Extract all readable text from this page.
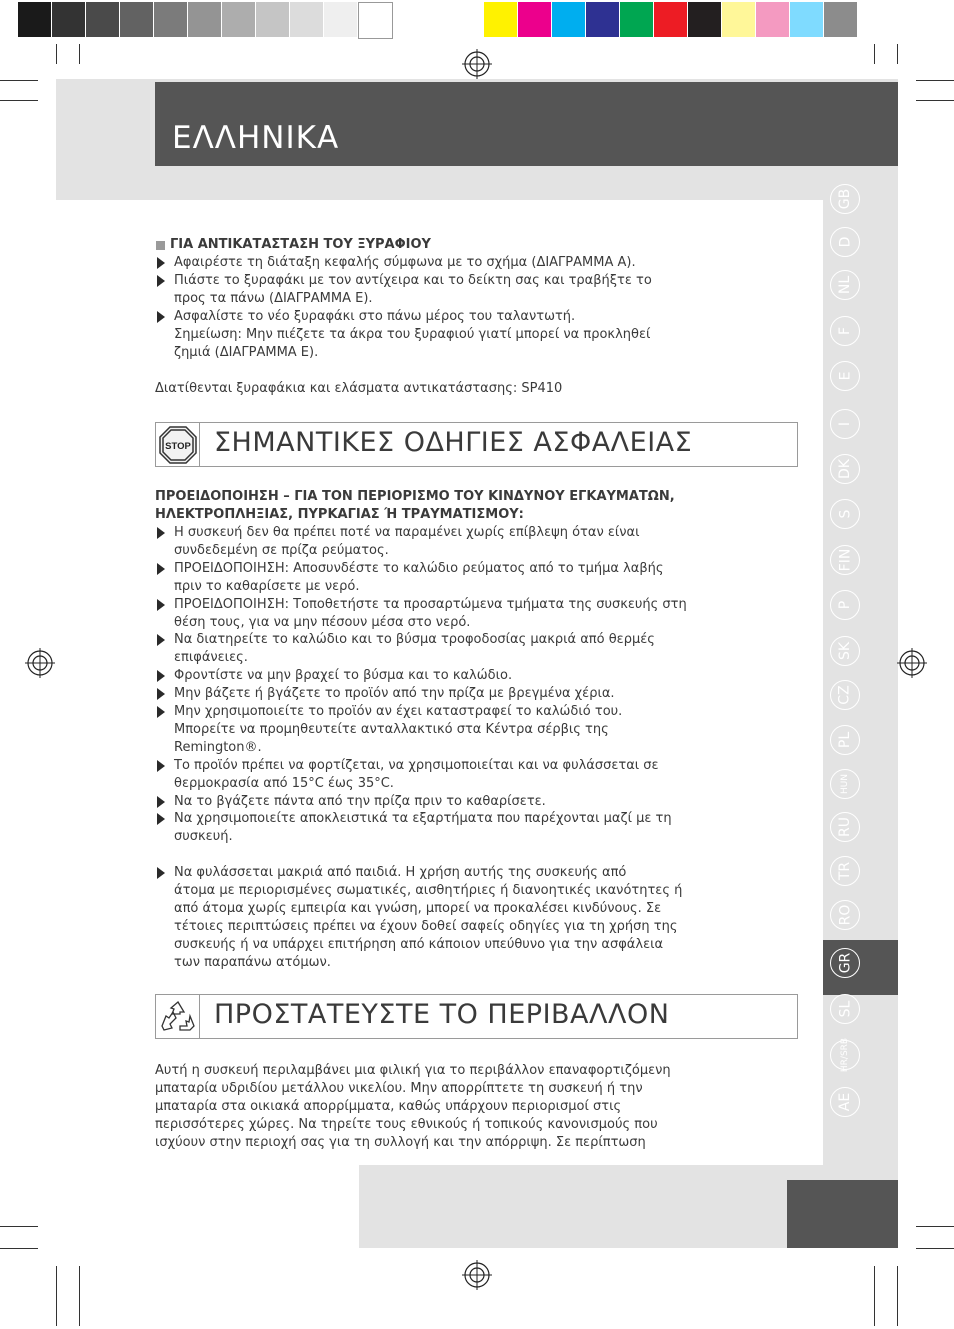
ΕΛΛΗΝΙΚΑ
GB
D
NL
F
E
I
DK
S
FIN
P
SK
CZ
PL
HUN
RU
TR
RO
GR
SL
HR/SRB
AE
ΓΙΑ ΑΝΤΙΚΑΤΑΣΤΑΣΗ ΤΟΥ ΞΥΡΑΦΙΟΥ
Αφαιρέστε τη διάταξη κεφαλής σύμφωνα με το σχήμα (ΔΙΑΓΡΑΜΜΑ Α).
Πιάστε το ξυραφάκι με τον αντίχειρα και το δείκτη σας και τραβήξτε το
προς τα πάνω (ΔΙΑΓΡΑΜΜΑ Ε).
Ασφαλίστε το νέο ξυραφάκι στο πάνω μέρος του ταλαντωτή.
Σημείωση: Μην πιέζετε τα άκρα του ξυραφιού γιατί μπορεί να προκληθεί
ζημιά (ΔΙΑΓΡΑΜΜΑ Ε).
Διατίθενται ξυραφάκια και ελάσματα αντικατάστασης: SP410
STOP ΣΗΜΑΝΤΙΚΕΣ ΟΔΗΓΙΕΣ ΑΣΦΑΛΕΙΑΣ
ΠΡΟΕΙΔΟΠΟΙΗΣΗ – ΓΙΑ ΤΟΝ ΠΕΡΙΟΡΙΣΜΟ ΤΟΥ ΚΙΝΔΥΝΟΥ ΕΓΚΑΥΜΑΤΩΝ,
ΗΛΕΚΤΡΟΠΛΗΞΙΑΣ, ΠΥΡΚΑΓΙΑΣ Ή ΤΡΑΥΜΑΤΙΣΜΟΥ:
Η συσκευή δεν θα πρέπει ποτέ να παραμένει χωρίς επίβλεψη όταν είναι
συνδεδεμένη σε πρίζα ρεύματος.
ΠΡΟΕΙΔΟΠΟΙΗΣΗ: Αποσυνδέστε το καλώδιο ρεύματος από το τμήμα λαβής
πριν το καθαρίσετε με νερό.
ΠΡΟΕΙΔΟΠΟΙΗΣΗ: Τοποθετήστε τα προσαρτώμενα τμήματα της συσκευής στη
θέση τους, για να μην πέσουν μέσα στο νερό.
Να διατηρείτε το καλώδιο και το βύσμα τροφοδοσίας μακριά από θερμές
επιφάνειες.
Φροντίστε να μην βραχεί το βύσμα και το καλώδιο.
Μην βάζετε ή βγάζετε το προϊόν από την πρίζα με βρεγμένα χέρια.
Μην χρησιμοποιείτε το προϊόν αν έχει καταστραφεί το καλώδιό του.
Μπορείτε να προμηθευτείτε ανταλλακτικό στα Κέντρα σέρβις της
Remington®.
Το προϊόν πρέπει να φορτίζεται, να χρησιμοποιείται και να φυλάσσεται σε
θερμοκρασία από 15°C έως 35°C.
Να το βγάζετε πάντα από την πρίζα πριν το καθαρίσετε.
Να χρησιμοποιείτε αποκλειστικά τα εξαρτήματα που παρέχονται μαζί με τη
συσκευή.
Να φυλάσσεται μακριά από παιδιά. Η χρήση αυτής της συσκευής από
άτομα με περιορισμένες σωματικές, αισθητήριες ή διανοητικές ικανότητες ή
από άτομα χωρίς εμπειρία και γνώση, μπορεί να προκαλέσει κινδύνους. Σε
τέτοιες περιπτώσεις πρέπει να έχουν δοθεί σαφείς οδηγίες για τη χρήση της
συσκευής ή να υπάρχει επιτήρηση από κάποιον υπεύθυνο για την ασφάλεια
των παραπάνω ατόμων.
ΠΡΟΣΤΑΤΕΥΣΤΕ ΤΟ ΠΕΡΙΒΑΛΛΟΝ
Αυτή η συσκευή περιλαμβάνει μια φιλική για το περιβάλλον επαναφορτιζόμενη
μπαταρία υδριδίου μετάλλου νικελίου. Μην απορρίπτετε τη συσκευή ή την
μπαταρία στα οικιακά απορρίμματα, καθώς υπάρχουν περιορισμοί στις
περισσότερες χώρες. Να τηρείτε τους εθνικούς ή τοπικούς κανονισμούς που
ισχύουν στην περιοχή σας για τη συλλογή και την απόρριψη. Σε περίπτωση
